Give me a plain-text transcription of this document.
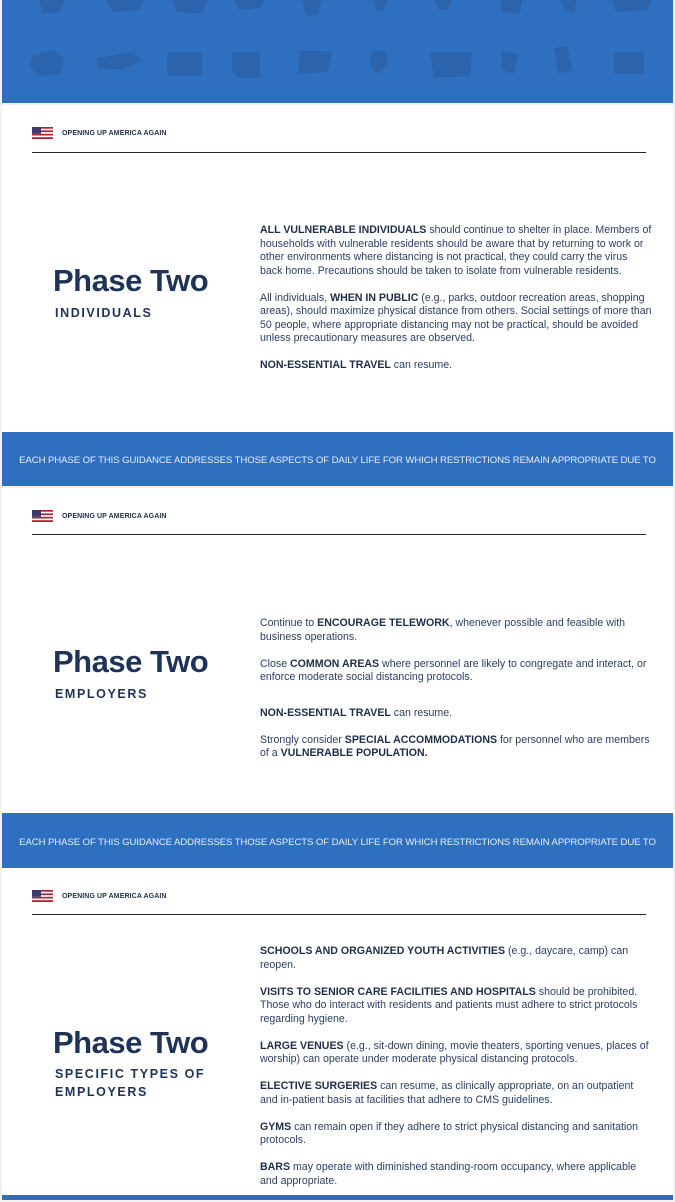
OPENING UP AMERICA AGAIN
Phase Two
INDIVIDUALS

ALL VULNERABLE INDIVIDUALS should continue to shelter in place. Members of households with vulnerable residents should be aware that by returning to work or other environments where distancing is not practical, they could carry the virus back home. Precautions should be taken to isolate from vulnerable residents.

All individuals, WHEN IN PUBLIC (e.g., parks, outdoor recreation areas, shopping areas), should maximize physical distance from others. Social settings of more than 50 people, where appropriate distancing may not be practical, should be avoided unless precautionary measures are observed.

NON-ESSENTIAL TRAVEL can resume.

EACH PHASE OF THIS GUIDANCE ADDRESSES THOSE ASPECTS OF DAILY LIFE FOR WHICH RESTRICTIONS REMAIN APPROPRIATE DUE TO
OPENING UP AMERICA AGAIN
Phase Two
EMPLOYERS

Continue to ENCOURAGE TELEWORK, whenever possible and feasible with business operations.

Close COMMON AREAS where personnel are likely to congregate and interact, or enforce moderate social distancing protocols.

NON-ESSENTIAL TRAVEL can resume.

Strongly consider SPECIAL ACCOMMODATIONS for personnel who are members of a VULNERABLE POPULATION.

EACH PHASE OF THIS GUIDANCE ADDRESSES THOSE ASPECTS OF DAILY LIFE FOR WHICH RESTRICTIONS REMAIN APPROPRIATE DUE TO
OPENING UP AMERICA AGAIN
Phase Two
SPECIFIC TYPES OF
EMPLOYERS

SCHOOLS AND ORGANIZED YOUTH ACTIVITIES (e.g., daycare, camp) can reopen.

VISITS TO SENIOR CARE FACILITIES AND HOSPITALS should be prohibited. Those who do interact with residents and patients must adhere to strict protocols regarding hygiene.

LARGE VENUES (e.g., sit-down dining, movie theaters, sporting venues, places of worship) can operate under moderate physical distancing protocols.

ELECTIVE SURGERIES can resume, as clinically appropriate, on an outpatient and in-patient basis at facilities that adhere to CMS guidelines.

GYMS can remain open if they adhere to strict physical distancing and sanitation protocols.

BARS may operate with diminished standing-room occupancy, where applicable and appropriate.
